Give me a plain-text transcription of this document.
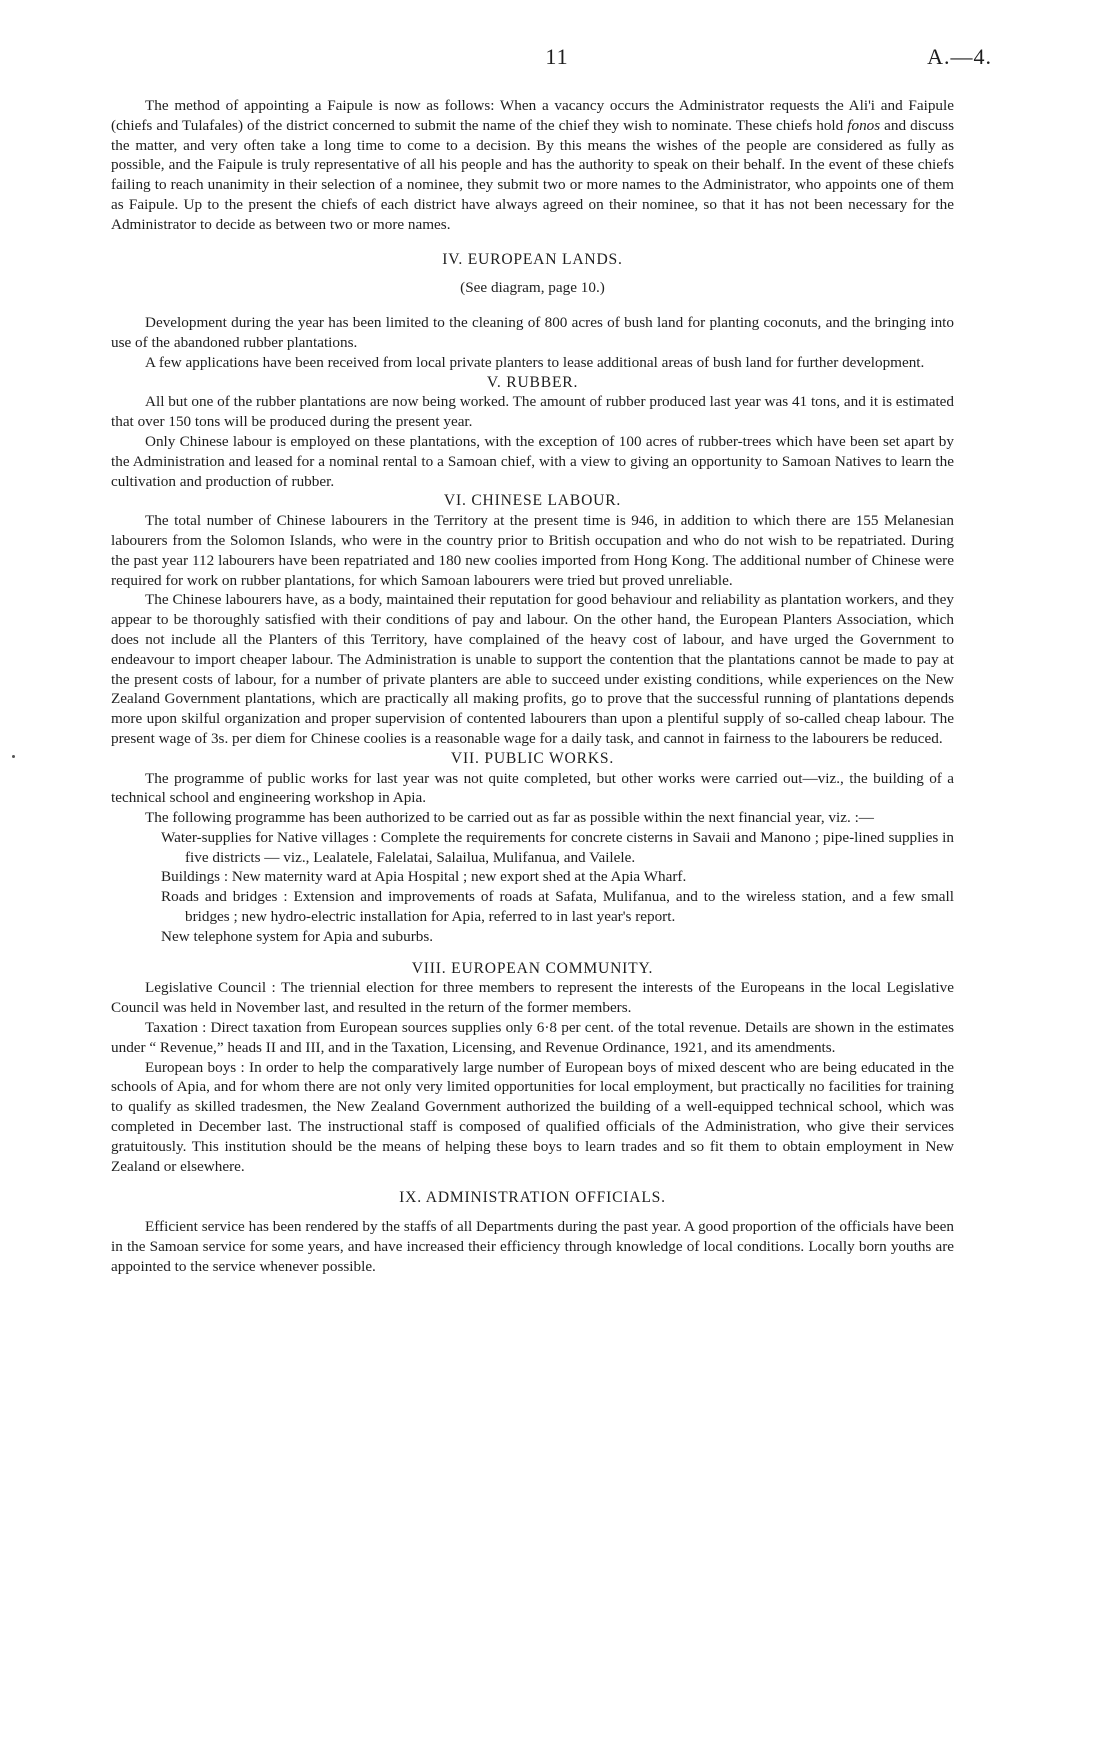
11	A.—4.

The method of appointing a Faipule is now as follows: When a vacancy occurs the Administrator requests the Ali'i and Faipule (chiefs and Tulafales) of the district concerned to submit the name of the chief they wish to nominate. These chiefs hold fonos and discuss the matter, and very often take a long time to come to a decision. By this means the wishes of the people are considered as fully as possible, and the Faipule is truly representative of all his people and has the authority to speak on their behalf. In the event of these chiefs failing to reach unanimity in their selection of a nominee, they submit two or more names to the Administrator, who appoints one of them as Faipule. Up to the present the chiefs of each district have always agreed on their nominee, so that it has not been necessary for the Administrator to decide as between two or more names.

IV. EUROPEAN LANDS.
(See diagram, page 10.)

Development during the year has been limited to the cleaning of 800 acres of bush land for planting coconuts, and the bringing into use of the abandoned rubber plantations.

A few applications have been received from local private planters to lease additional areas of bush land for further development.

V. RUBBER.

All but one of the rubber plantations are now being worked. The amount of rubber produced last year was 41 tons, and it is estimated that over 150 tons will be produced during the present year.

Only Chinese labour is employed on these plantations, with the exception of 100 acres of rubber-trees which have been set apart by the Administration and leased for a nominal rental to a Samoan chief, with a view to giving an opportunity to Samoan Natives to learn the cultivation and production of rubber.

VI. CHINESE LABOUR.

The total number of Chinese labourers in the Territory at the present time is 946, in addition to which there are 155 Melanesian labourers from the Solomon Islands, who were in the country prior to British occupation and who do not wish to be repatriated. During the past year 112 labourers have been repatriated and 180 new coolies imported from Hong Kong. The additional number of Chinese were required for work on rubber plantations, for which Samoan labourers were tried but proved unreliable.

The Chinese labourers have, as a body, maintained their reputation for good behaviour and reliability as plantation workers, and they appear to be thoroughly satisfied with their conditions of pay and labour. On the other hand, the European Planters Association, which does not include all the Planters of this Territory, have complained of the heavy cost of labour, and have urged the Government to endeavour to import cheaper labour. The Administration is unable to support the contention that the plantations cannot be made to pay at the present costs of labour, for a number of private planters are able to succeed under existing conditions, while experiences on the New Zealand Government plantations, which are practically all making profits, go to prove that the successful running of plantations depends more upon skilful organization and proper supervision of contented labourers than upon a plentiful supply of so-called cheap labour. The present wage of 3s. per diem for Chinese coolies is a reasonable wage for a daily task, and cannot in fairness to the labourers be reduced.

VII. PUBLIC WORKS.

The programme of public works for last year was not quite completed, but other works were carried out—viz., the building of a technical school and engineering workshop in Apia.

The following programme has been authorized to be carried out as far as possible within the next financial year, viz. :—

Water-supplies for Native villages : Complete the requirements for concrete cisterns in Savaii and Manono ; pipe-lined supplies in five districts — viz., Lealatele, Falelatai, Salailua, Mulifanua, and Vailele.

Buildings : New maternity ward at Apia Hospital ; new export shed at the Apia Wharf.

Roads and bridges : Extension and improvements of roads at Safata, Mulifanua, and to the wireless station, and a few small bridges ; new hydro-electric installation for Apia, referred to in last year's report.

New telephone system for Apia and suburbs.

VIII. EUROPEAN COMMUNITY.

Legislative Council : The triennial election for three members to represent the interests of the Europeans in the local Legislative Council was held in November last, and resulted in the return of the former members.

Taxation : Direct taxation from European sources supplies only 6·8 per cent. of the total revenue. Details are shown in the estimates under “ Revenue,” heads II and III, and in the Taxation, Licensing, and Revenue Ordinance, 1921, and its amendments.

European boys : In order to help the comparatively large number of European boys of mixed descent who are being educated in the schools of Apia, and for whom there are not only very limited opportunities for local employment, but practically no facilities for training to qualify as skilled tradesmen, the New Zealand Government authorized the building of a well-equipped technical school, which was completed in December last. The instructional staff is composed of qualified officials of the Administration, who give their services gratuitously. This institution should be the means of helping these boys to learn trades and so fit them to obtain employment in New Zealand or elsewhere.

IX. ADMINISTRATION OFFICIALS.

Efficient service has been rendered by the staffs of all Departments during the past year. A good proportion of the officials have been in the Samoan service for some years, and have increased their efficiency through knowledge of local conditions. Locally born youths are appointed to the service whenever possible.
